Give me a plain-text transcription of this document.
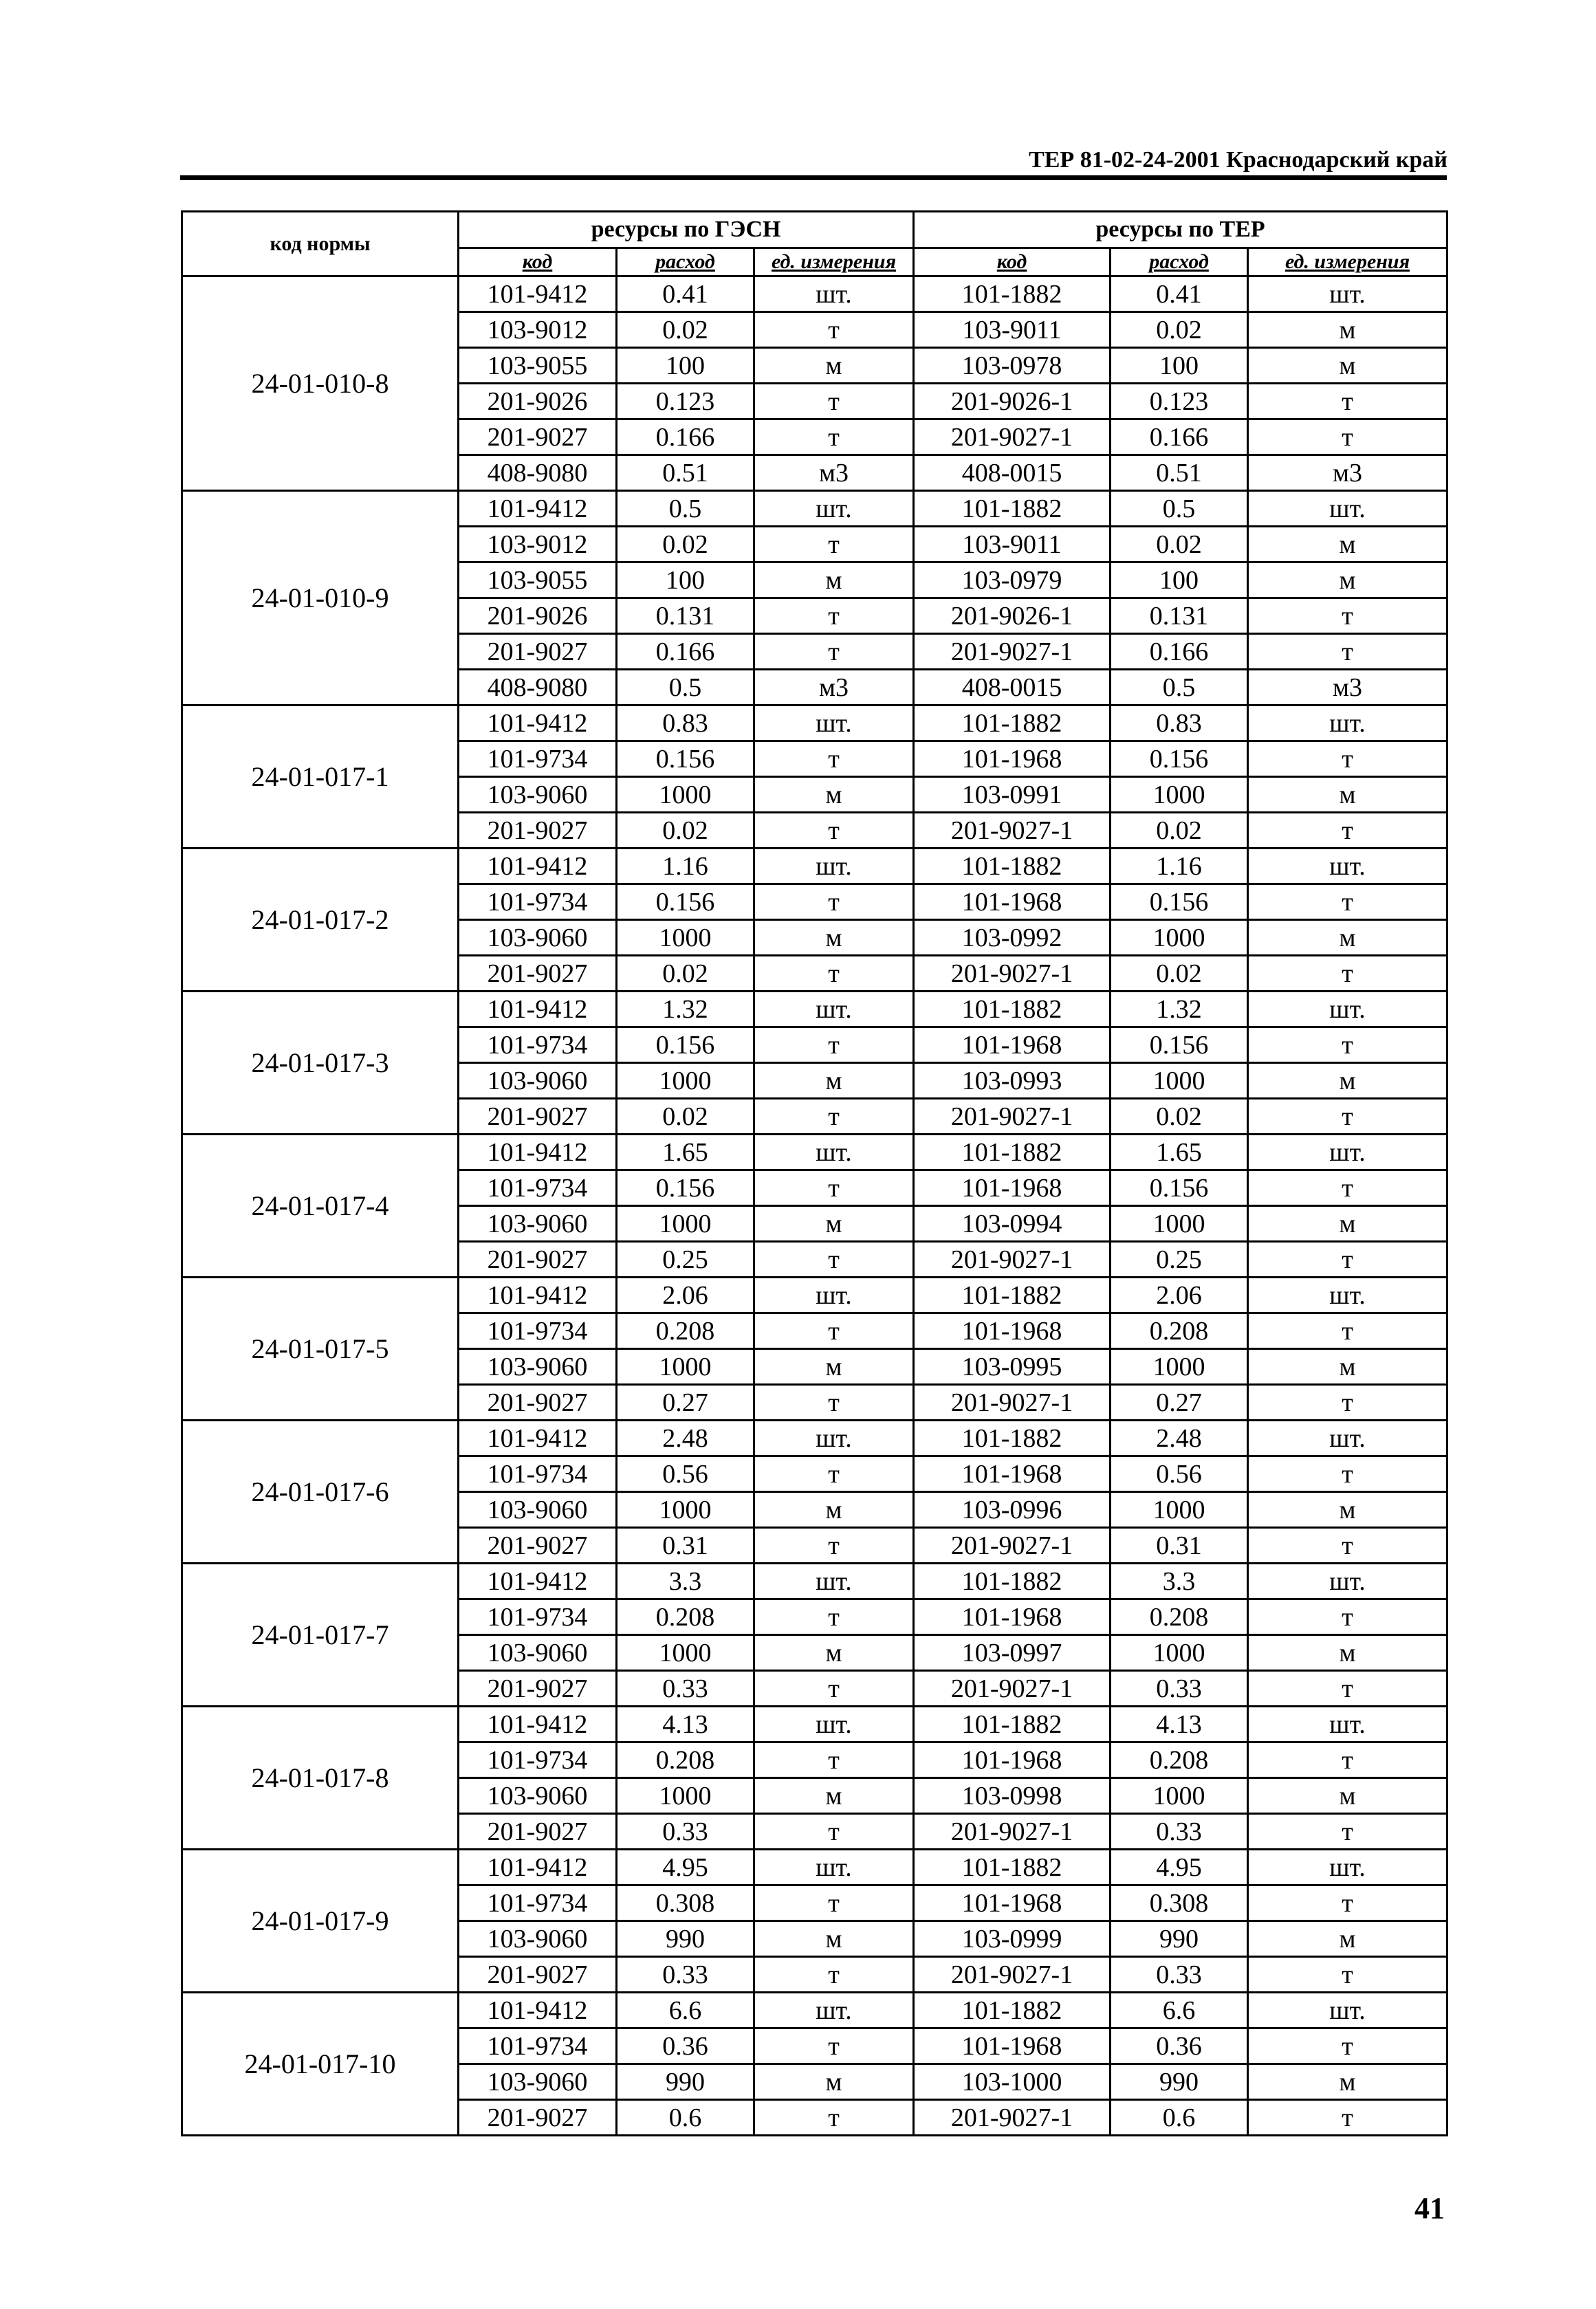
ТЕР 81-02-24-2001 Краснодарский край
код нормы	ресурсы по ГЭСН			ресурсы по ТЕР		
	код	расход	ед. измерения	код	расход	ед. измерения
24-01-010-8	101-9412	0.41	шт.	101-1882	0.41	шт.
	103-9012	0.02	т	103-9011	0.02	м
	103-9055	100	м	103-0978	100	м
	201-9026	0.123	т	201-9026-1	0.123	т
	201-9027	0.166	т	201-9027-1	0.166	т
	408-9080	0.51	м3	408-0015	0.51	м3
24-01-010-9	101-9412	0.5	шт.	101-1882	0.5	шт.
	103-9012	0.02	т	103-9011	0.02	м
	103-9055	100	м	103-0979	100	м
	201-9026	0.131	т	201-9026-1	0.131	т
	201-9027	0.166	т	201-9027-1	0.166	т
	408-9080	0.5	м3	408-0015	0.5	м3
24-01-017-1	101-9412	0.83	шт.	101-1882	0.83	шт.
	101-9734	0.156	т	101-1968	0.156	т
	103-9060	1000	м	103-0991	1000	м
	201-9027	0.02	т	201-9027-1	0.02	т
24-01-017-2	101-9412	1.16	шт.	101-1882	1.16	шт.
	101-9734	0.156	т	101-1968	0.156	т
	103-9060	1000	м	103-0992	1000	м
	201-9027	0.02	т	201-9027-1	0.02	т
24-01-017-3	101-9412	1.32	шт.	101-1882	1.32	шт.
	101-9734	0.156	т	101-1968	0.156	т
	103-9060	1000	м	103-0993	1000	м
	201-9027	0.02	т	201-9027-1	0.02	т
24-01-017-4	101-9412	1.65	шт.	101-1882	1.65	шт.
	101-9734	0.156	т	101-1968	0.156	т
	103-9060	1000	м	103-0994	1000	м
	201-9027	0.25	т	201-9027-1	0.25	т
24-01-017-5	101-9412	2.06	шт.	101-1882	2.06	шт.
	101-9734	0.208	т	101-1968	0.208	т
	103-9060	1000	м	103-0995	1000	м
	201-9027	0.27	т	201-9027-1	0.27	т
24-01-017-6	101-9412	2.48	шт.	101-1882	2.48	шт.
	101-9734	0.56	т	101-1968	0.56	т
	103-9060	1000	м	103-0996	1000	м
	201-9027	0.31	т	201-9027-1	0.31	т
24-01-017-7	101-9412	3.3	шт.	101-1882	3.3	шт.
	101-9734	0.208	т	101-1968	0.208	т
	103-9060	1000	м	103-0997	1000	м
	201-9027	0.33	т	201-9027-1	0.33	т
24-01-017-8	101-9412	4.13	шт.	101-1882	4.13	шт.
	101-9734	0.208	т	101-1968	0.208	т
	103-9060	1000	м	103-0998	1000	м
	201-9027	0.33	т	201-9027-1	0.33	т
24-01-017-9	101-9412	4.95	шт.	101-1882	4.95	шт.
	101-9734	0.308	т	101-1968	0.308	т
	103-9060	990	м	103-0999	990	м
	201-9027	0.33	т	201-9027-1	0.33	т
24-01-017-10	101-9412	6.6	шт.	101-1882	6.6	шт.
	101-9734	0.36	т	101-1968	0.36	т
	103-9060	990	м	103-1000	990	м
	201-9027	0.6	т	201-9027-1	0.6	т
41
